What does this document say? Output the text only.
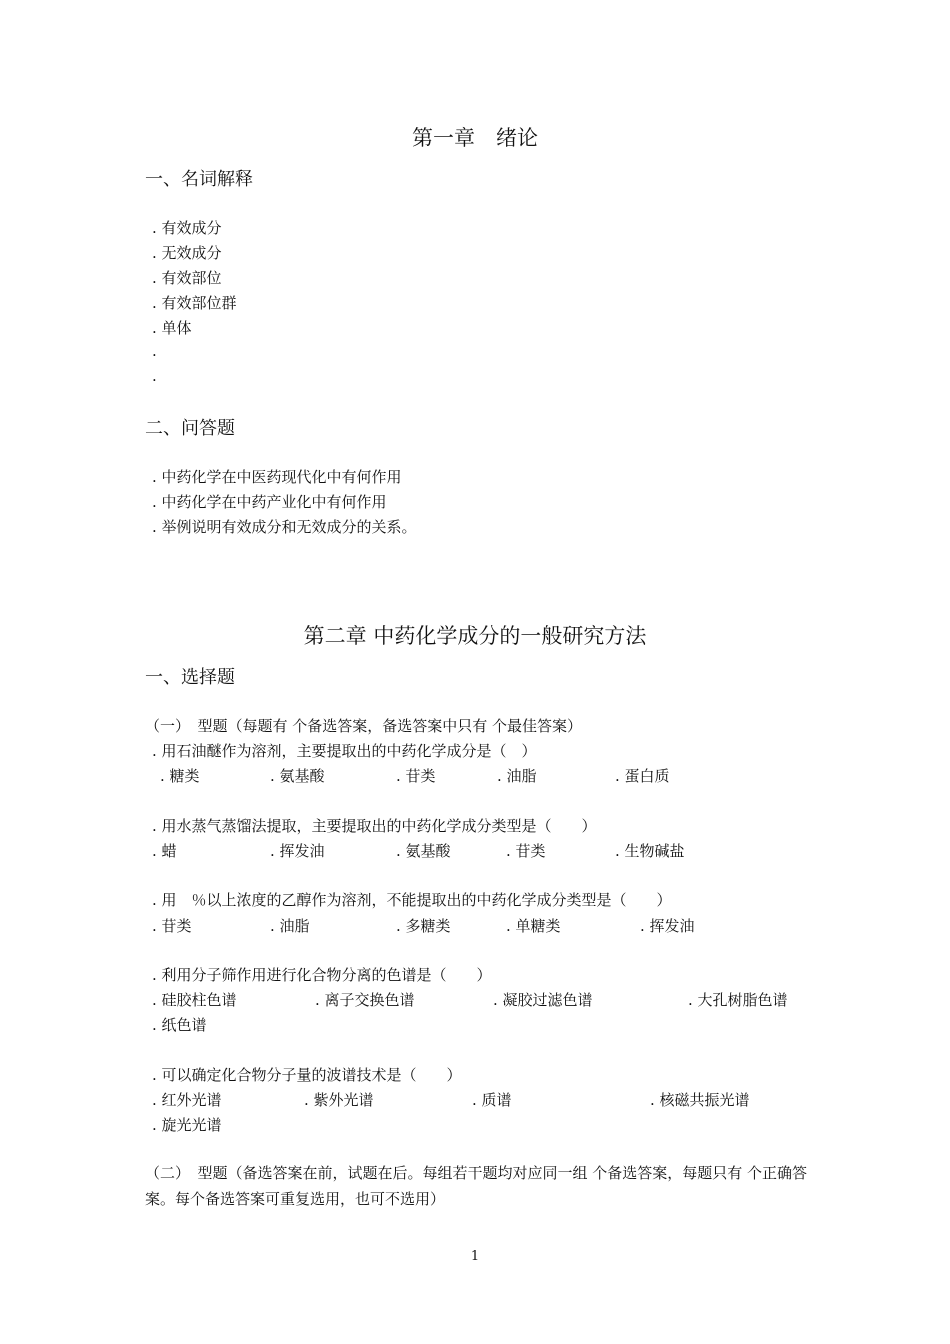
第一章　绪论
一、名词解释
. 有效成分
. 无效成分
. 有效部位
. 有效部位群
. 单体
.
.
二、问答题
. 中药化学在中医药现代化中有何作用
. 中药化学在中药产业化中有何作用
. 举例说明有效成分和无效成分的关系。
第二章 中药化学成分的一般研究方法
一、选择题
（一）　型题（每题有 个备选答案，备选答案中只有 个最佳答案）
. 用石油醚作为溶剂，主要提取出的中药化学成分是（　）
. 糖类	. 氨基酸	. 苷类	. 油脂	. 蛋白质
. 用水蒸气蒸馏法提取，主要提取出的中药化学成分类型是（　　）
. 蜡	. 挥发油	. 氨基酸	. 苷类	. 生物碱盐
. 用　％以上浓度的乙醇作为溶剂，不能提取出的中药化学成分类型是（　　）
. 苷类	. 油脂	. 多糖类	. 单糖类	. 挥发油
. 利用分子筛作用进行化合物分离的色谱是（　　）
. 硅胶柱色谱	. 离子交换色谱	. 凝胶过滤色谱	. 大孔树脂色谱
. 纸色谱
. 可以确定化合物分子量的波谱技术是（　　）
. 红外光谱	. 紫外光谱	. 质谱	. 核磁共振光谱
. 旋光光谱
（二）　型题（备选答案在前，试题在后。每组若干题均对应同一组 个备选答案，每题只有 个正确答案。每个备选答案可重复选用，也可不选用）
1
